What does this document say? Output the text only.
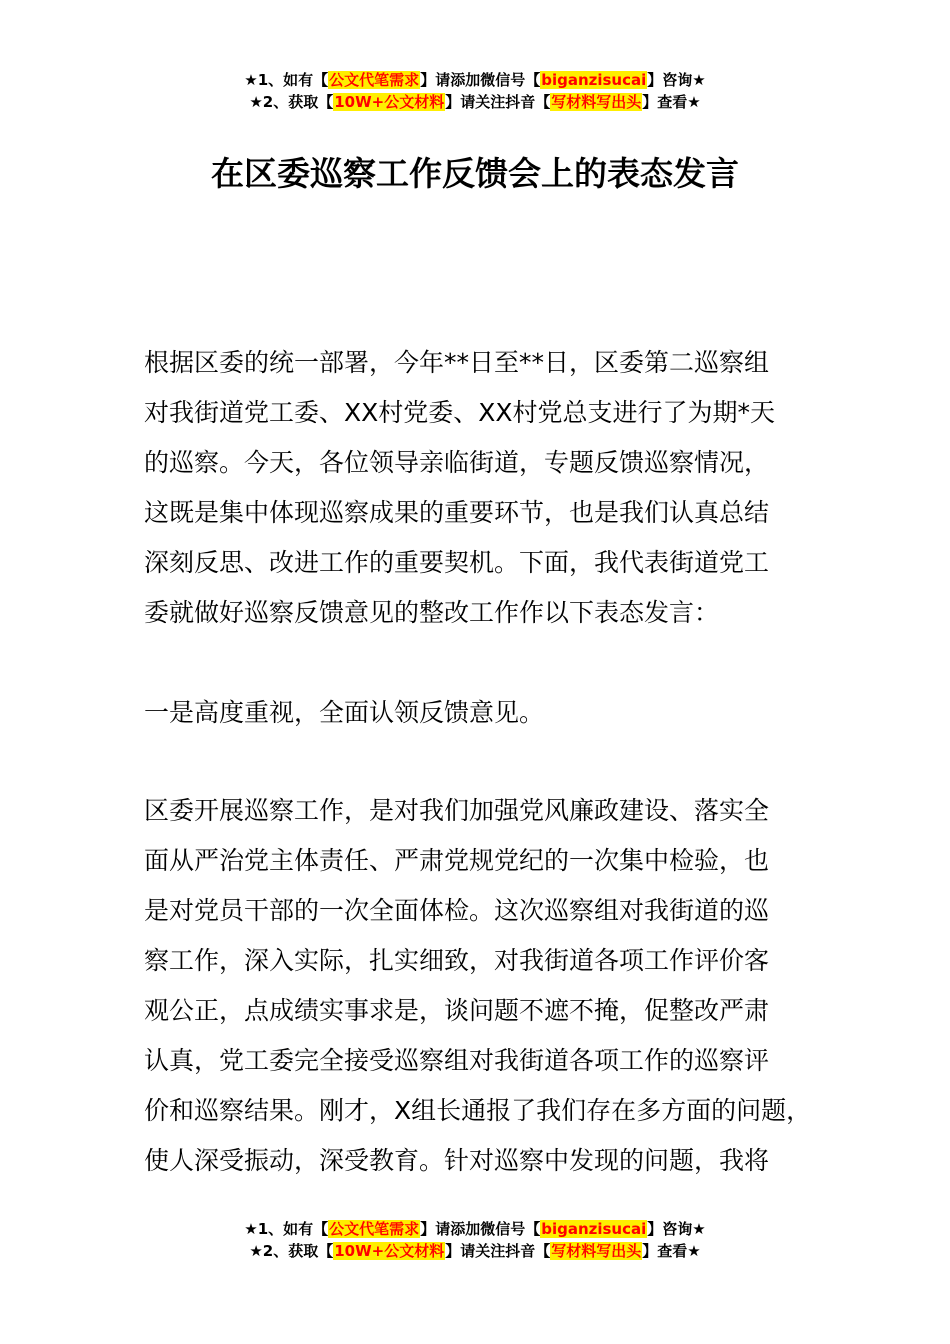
★1、如有【公文代笔需求】请添加微信号【biganzisucai】咨询★
★2、获取【10W+公文材料】请关注抖音【写材料写出头】查看★
在区委巡察工作反馈会上的表态发言
根据区委的统一部署，今年**日至**日，区委第二巡察组
对我街道党工委、XX村党委、XX村党总支进行了为期*天
的巡察。今天，各位领导亲临街道，专题反馈巡察情况，
这既是集中体现巡察成果的重要环节，也是我们认真总结
深刻反思、改进工作的重要契机。下面，我代表街道党工
委就做好巡察反馈意见的整改工作作以下表态发言：
一是高度重视，全面认领反馈意见。
区委开展巡察工作，是对我们加强党风廉政建设、落实全
面从严治党主体责任、严肃党规党纪的一次集中检验，也
是对党员干部的一次全面体检。这次巡察组对我街道的巡
察工作，深入实际，扎实细致，对我街道各项工作评价客
观公正，点成绩实事求是，谈问题不遮不掩，促整改严肃
认真，党工委完全接受巡察组对我街道各项工作的巡察评
价和巡察结果。刚才，X组长通报了我们存在多方面的问题，
使人深受振动，深受教育。针对巡察中发现的问题，我将
★1、如有【公文代笔需求】请添加微信号【biganzisucai】咨询★
★2、获取【10W+公文材料】请关注抖音【写材料写出头】查看★
